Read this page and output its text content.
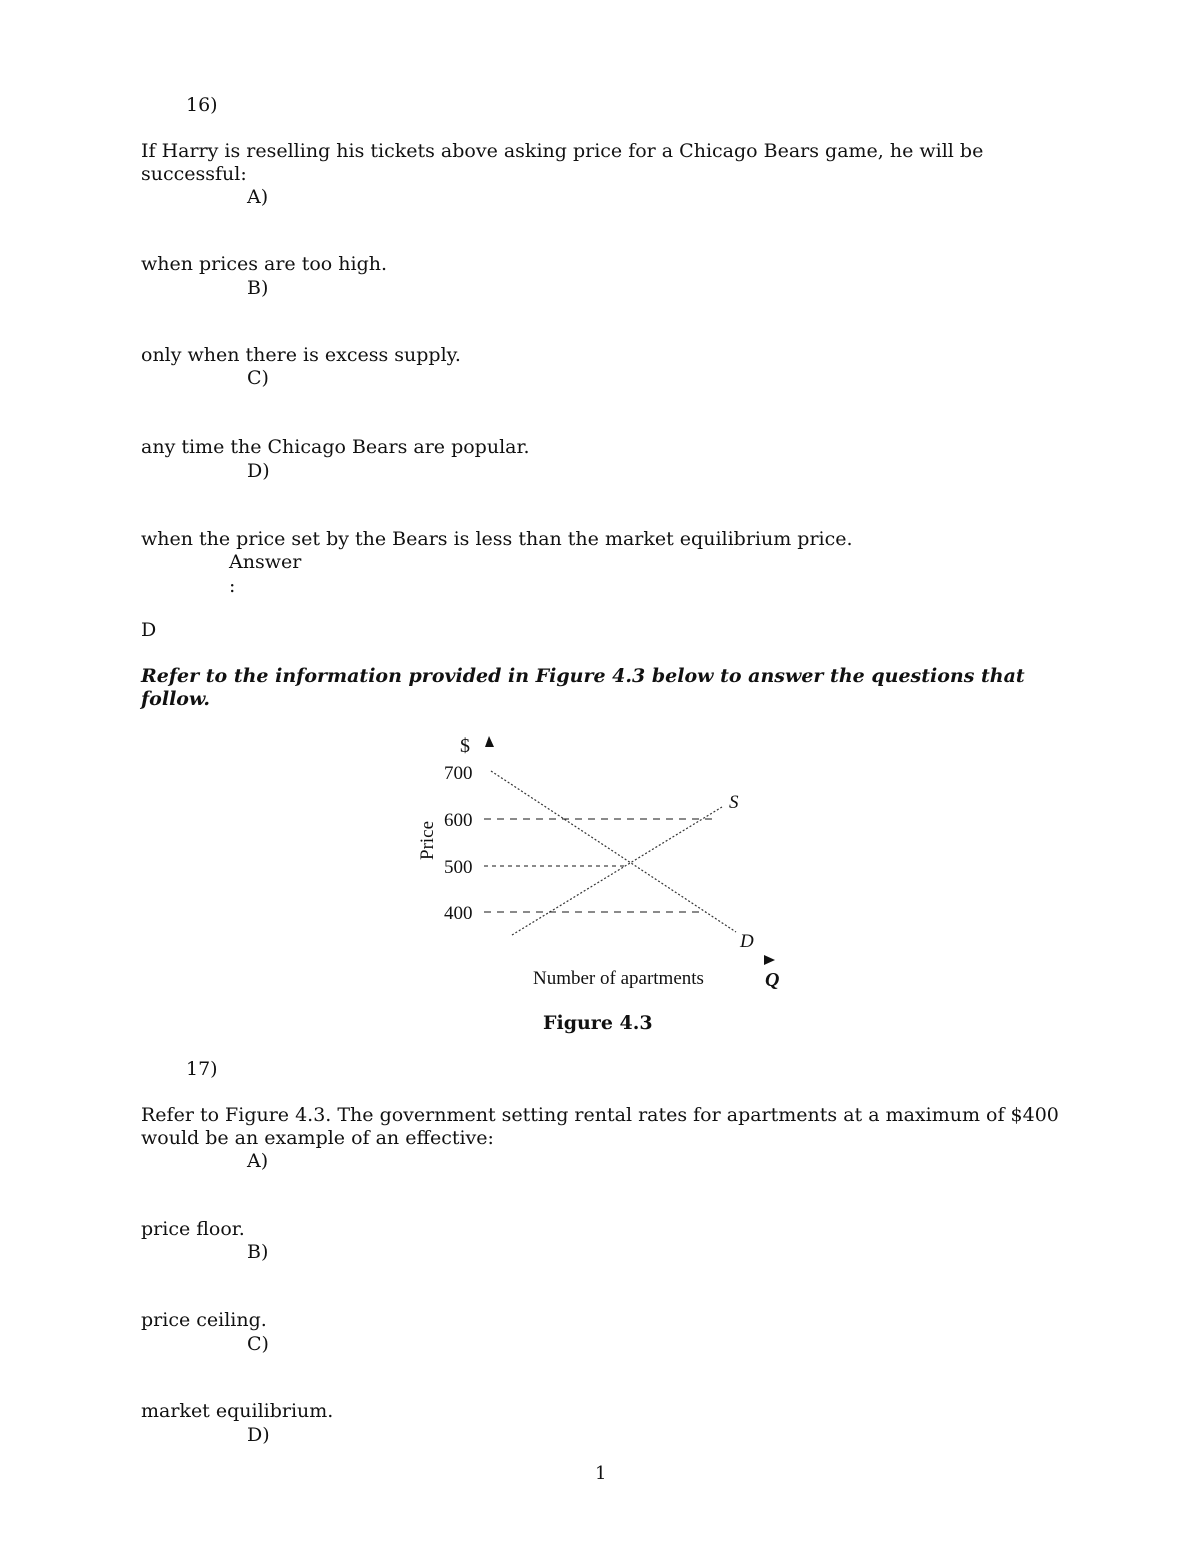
16)
If Harry is reselling his tickets above asking price for a Chicago Bears game, he will be successful:
A)
when prices are too high.
B)
only when there is excess supply.
C)
any time the Chicago Bears are popular.
D)
when the price set by the Bears is less than the market equilibrium price.
Answer
:
D
Refer to the information provided in Figure 4.3 below to answer the questions that follow.
$
700
600
500
400
Price
S
D
Number of apartments	Q
Figure 4.3
17)
Refer to Figure 4.3. The government setting rental rates for apartments at a maximum of $400 would be an example of an effective:
A)
price floor.
B)
price ceiling.
C)
market equilibrium.
D)
1
